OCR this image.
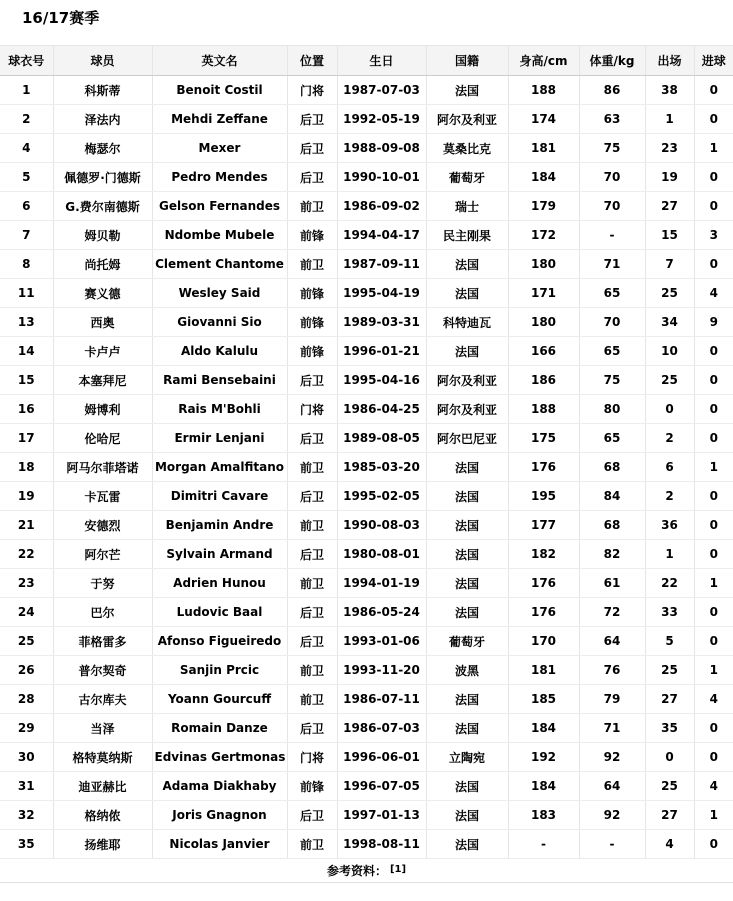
16/17赛季
球衣号	球员	英文名	位置	生日	国籍	身高/cm	体重/kg	出场	进球
1	科斯蒂	Benoit Costil	门将	1987-07-03	法国	188	86	38	0
2	泽法内	Mehdi Zeffane	后卫	1992-05-19	阿尔及利亚	174	63	1	0
4	梅瑟尔	Mexer	后卫	1988-09-08	莫桑比克	181	75	23	1
5	佩德罗·门德斯	Pedro Mendes	后卫	1990-10-01	葡萄牙	184	70	19	0
6	G.费尔南德斯	Gelson Fernandes	前卫	1986-09-02	瑞士	179	70	27	0
7	姆贝勒	Ndombe Mubele	前锋	1994-04-17	民主刚果	172	-	15	3
8	尚托姆	Clement Chantome	前卫	1987-09-11	法国	180	71	7	0
11	赛义德	Wesley Said	前锋	1995-04-19	法国	171	65	25	4
13	西奥	Giovanni Sio	前锋	1989-03-31	科特迪瓦	180	70	34	9
14	卡卢卢	Aldo Kalulu	前锋	1996-01-21	法国	166	65	10	0
15	本塞拜尼	Rami Bensebaini	后卫	1995-04-16	阿尔及利亚	186	75	25	0
16	姆博利	Rais M'Bohli	门将	1986-04-25	阿尔及利亚	188	80	0	0
17	伦哈尼	Ermir Lenjani	后卫	1989-08-05	阿尔巴尼亚	175	65	2	0
18	阿马尔菲塔诺	Morgan Amalfitano	前卫	1985-03-20	法国	176	68	6	1
19	卡瓦雷	Dimitri Cavare	后卫	1995-02-05	法国	195	84	2	0
21	安德烈	Benjamin Andre	前卫	1990-08-03	法国	177	68	36	0
22	阿尔芒	Sylvain Armand	后卫	1980-08-01	法国	182	82	1	0
23	于努	Adrien Hunou	前卫	1994-01-19	法国	176	61	22	1
24	巴尔	Ludovic Baal	后卫	1986-05-24	法国	176	72	33	0
25	菲格雷多	Afonso Figueiredo	后卫	1993-01-06	葡萄牙	170	64	5	0
26	普尔契奇	Sanjin Prcic	前卫	1993-11-20	波黑	181	76	25	1
28	古尔库夫	Yoann Gourcuff	前卫	1986-07-11	法国	185	79	27	4
29	当泽	Romain Danze	后卫	1986-07-03	法国	184	71	35	0
30	格特莫纳斯	Edvinas Gertmonas	门将	1996-06-01	立陶宛	192	92	0	0
31	迪亚赫比	Adama Diakhaby	前锋	1996-07-05	法国	184	64	25	4
32	格纳侬	Joris Gnagnon	后卫	1997-01-13	法国	183	92	27	1
35	扬维耶	Nicolas Janvier	前卫	1998-08-11	法国	-	-	4	0
参考资料： [1]
